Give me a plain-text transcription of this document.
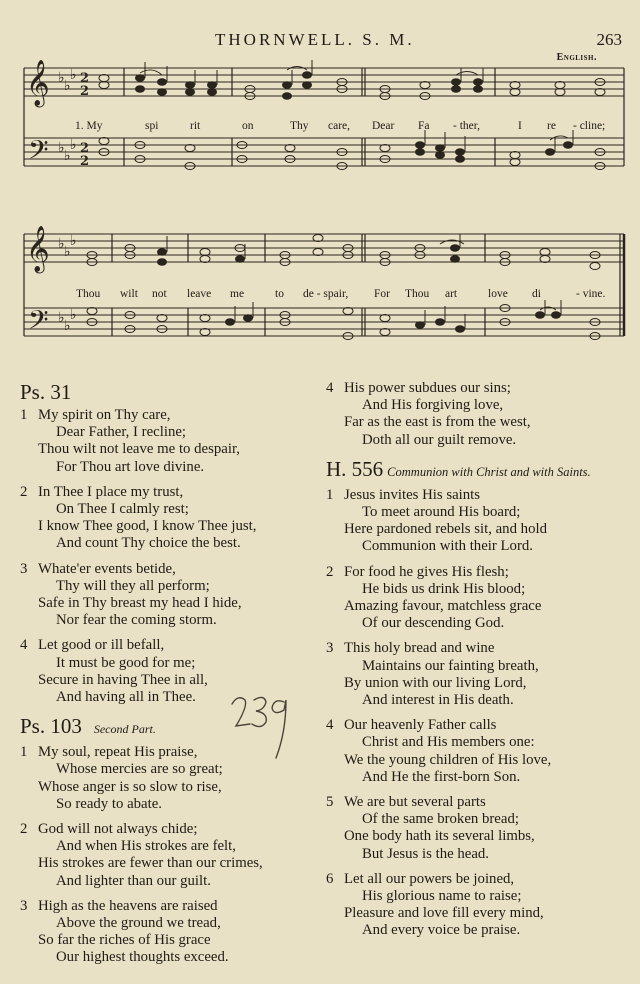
THORNWELL. S. M.	263
English.
𝄞
𝄢
♭ ♭
♭
♭ ♭
♭
2
2
2
2
1. My	spi	rit	on	Thy care, Dear Fa - ther,	I re - cline;
𝄞
𝄢
♭ ♭
♭
♭ ♭
♭
Thou wilt not leave me	to de - spair, For Thou art	love di	- vine.
Ps. 31
1 My spirit on Thy care,
Dear Father, I recline;
Thou wilt not leave me to despair,
For Thou art love divine.
2 In Thee I place my trust,
On Thee I calmly rest;
I know Thee good, I know Thee just,
And count Thy choice the best.
3 Whate'er events betide,
Thy will they all perform;
Safe in Thy breast my head I hide,
Nor fear the coming storm.
4 Let good or ill befall,
It must be good for me;
Secure in having Thee in all,
And having all in Thee.
Ps. 103 Second Part.
1 My soul, repeat His praise,
Whose mercies are so great;
Whose anger is so slow to rise,
So ready to abate.
2 God will not always chide;
And when His strokes are felt,
His strokes are fewer than our crimes,
And lighter than our guilt.
3 High as the heavens are raised
Above the ground we tread,
So far the riches of His grace
Our highest thoughts exceed.
4 His power subdues our sins;
And His forgiving love,
Far as the east is from the west,
Doth all our guilt remove.
H. 556 Communion with Christ and with Saints.
1 Jesus invites His saints
To meet around His board;
Here pardoned rebels sit, and hold
Communion with their Lord.
2 For food he gives His flesh;
He bids us drink His blood;
Amazing favour, matchless grace
Of our descending God.
3 This holy bread and wine
Maintains our fainting breath,
By union with our living Lord,
And interest in His death.
4 Our heavenly Father calls
Christ and His members one:
We the young children of His love,
And He the first-born Son.
5 We are but several parts
Of the same broken bread;
One body hath its several limbs,
But Jesus is the head.
6 Let all our powers be joined,
His glorious name to raise;
Pleasure and love fill every mind,
And every voice be praise.
